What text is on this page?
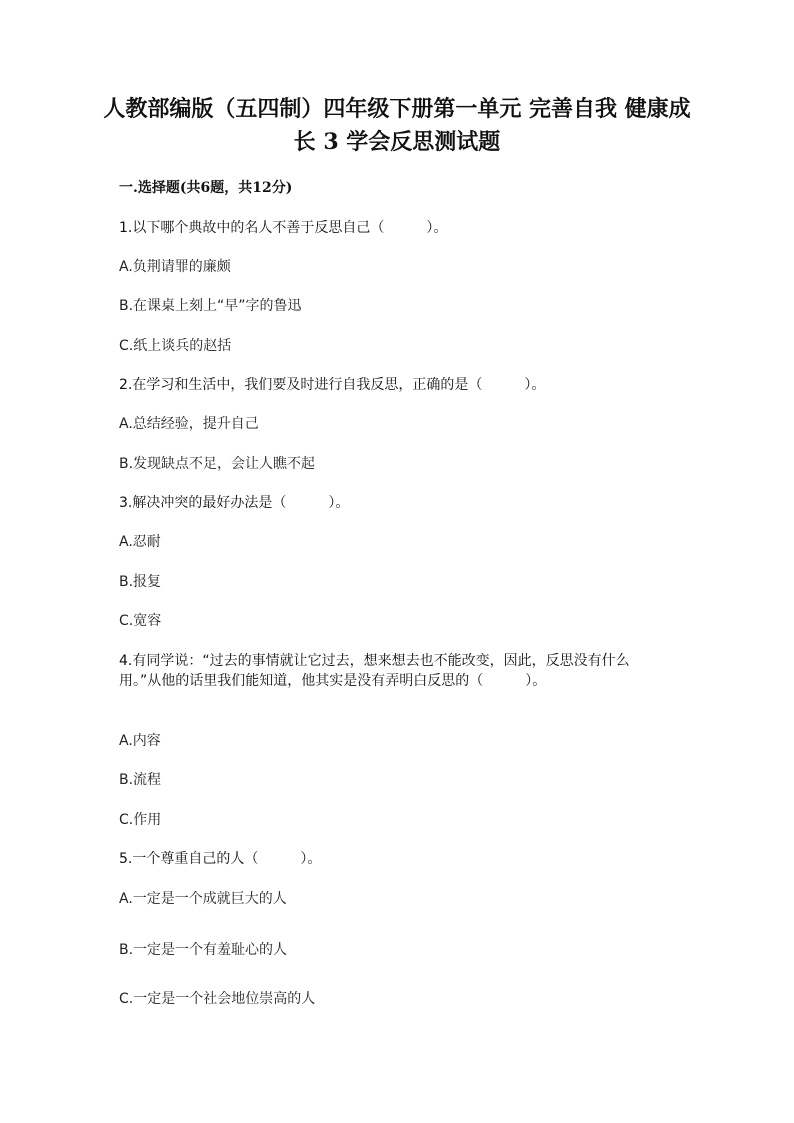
人教部编版（五四制）四年级下册第一单元 完善自我 健康成长 3 学会反思测试题
一.选择题(共6题，共12分)
1.以下哪个典故中的名人不善于反思自己（　　　）。
A.负荆请罪的廉颇
B.在课桌上刻上“早”字的鲁迅
C.纸上谈兵的赵括
2.在学习和生活中，我们要及时进行自我反思，正确的是（　　　）。
A.总结经验，提升自己
B.发现缺点不足，会让人瞧不起
3.解决冲突的最好办法是（　　　）。
A.忍耐
B.报复
C.宽容
4.有同学说：“过去的事情就让它过去，想来想去也不能改变，因此，反思没有什么用。”从他的话里我们能知道，他其实是没有弄明白反思的（　　　）。
A.内容
B.流程
C.作用
5.一个尊重自己的人（　　　）。
A.一定是一个成就巨大的人
B.一定是一个有羞耻心的人
C.一定是一个社会地位崇高的人
